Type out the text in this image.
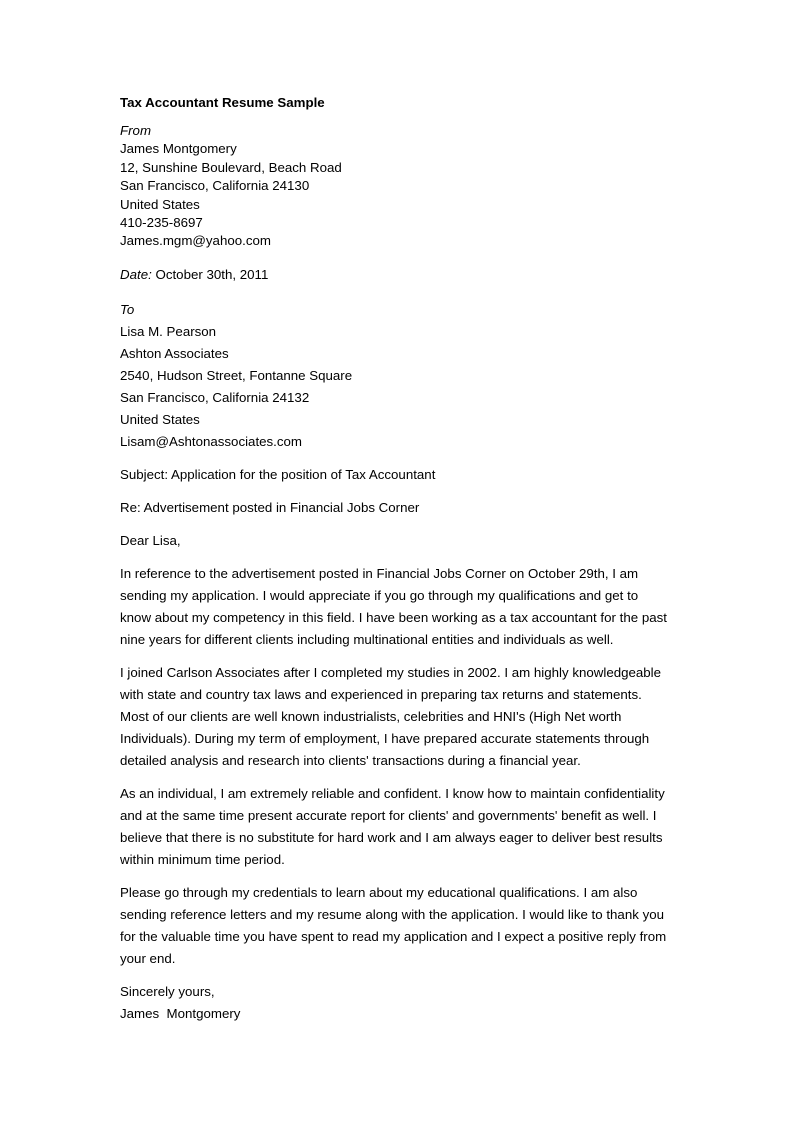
Tax Accountant Resume Sample
From
James Montgomery
12, Sunshine Boulevard, Beach Road
San Francisco, California 24130
United States
410-235-8697
James.mgm@yahoo.com
Date: October 30th, 2011
To
Lisa M. Pearson
Ashton Associates
2540, Hudson Street, Fontanne Square
San Francisco, California 24132
United States
Lisam@Ashtonassociates.com

Subject: Application for the position of Tax Accountant

Re: Advertisement posted in Financial Jobs Corner

Dear Lisa,

In reference to the advertisement posted in Financial Jobs Corner on October 29th, I am
sending my application. I would appreciate if you go through my qualifications and get to
know about my competency in this field. I have been working as a tax accountant for the past
nine years for different clients including multinational entities and individuals as well.

I joined Carlson Associates after I completed my studies in 2002. I am highly knowledgeable
with state and country tax laws and experienced in preparing tax returns and statements.
Most of our clients are well known industrialists, celebrities and HNI's (High Net worth
Individuals). During my term of employment, I have prepared accurate statements through
detailed analysis and research into clients' transactions during a financial year.

As an individual, I am extremely reliable and confident. I know how to maintain confidentiality
and at the same time present accurate report for clients' and governments' benefit as well. I
believe that there is no substitute for hard work and I am always eager to deliver best results
within minimum time period.

Please go through my credentials to learn about my educational qualifications. I am also
sending reference letters and my resume along with the application. I would like to thank you
for the valuable time you have spent to read my application and I expect a positive reply from
your end.

Sincerely yours,
James  Montgomery
